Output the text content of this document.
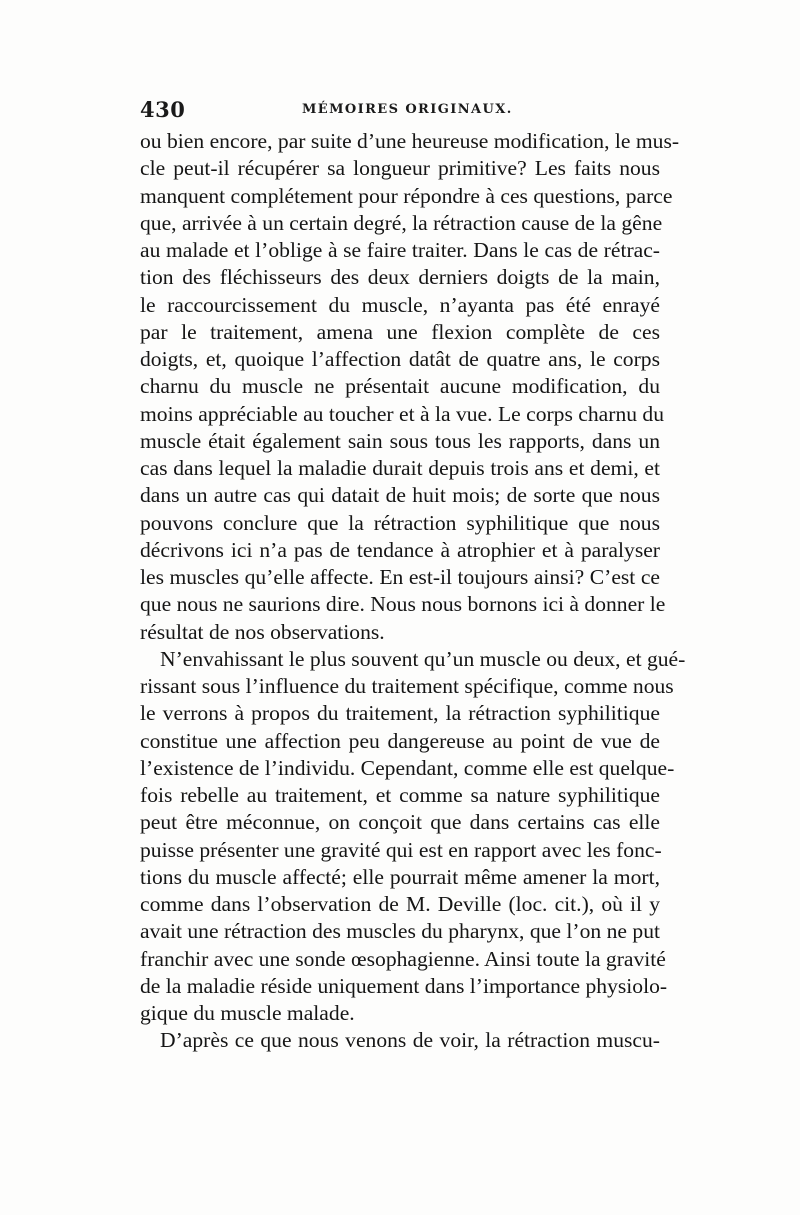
430	MÉMOIRES ORIGINAUX.
ou bien encore, par suite d’une heureuse modification, le mus-
cle peut-il récupérer sa longueur primitive? Les faits nous
manquent complétement pour répondre à ces questions, parce
que, arrivée à un certain degré, la rétraction cause de la gêne
au malade et l’oblige à se faire traiter. Dans le cas de rétrac-
tion des fléchisseurs des deux derniers doigts de la main,
le raccourcissement du muscle, n’ayanta pas été enrayé
par le traitement, amena une flexion complète de ces
doigts, et, quoique l’affection datât de quatre ans, le corps
charnu du muscle ne présentait aucune modification, du
moins appréciable au toucher et à la vue. Le corps charnu du
muscle était également sain sous tous les rapports, dans un
cas dans lequel la maladie durait depuis trois ans et demi, et
dans un autre cas qui datait de huit mois; de sorte que nous
pouvons conclure que la rétraction syphilitique que nous
décrivons ici n’a pas de tendance à atrophier et à paralyser
les muscles qu’elle affecte. En est-il toujours ainsi? C’est ce
que nous ne saurions dire. Nous nous bornons ici à donner le
résultat de nos observations.
N’envahissant le plus souvent qu’un muscle ou deux, et gué-
rissant sous l’influence du traitement spécifique, comme nous
le verrons à propos du traitement, la rétraction syphilitique
constitue une affection peu dangereuse au point de vue de
l’existence de l’individu. Cependant, comme elle est quelque-
fois rebelle au traitement, et comme sa nature syphilitique
peut être méconnue, on conçoit que dans certains cas elle
puisse présenter une gravité qui est en rapport avec les fonc-
tions du muscle affecté; elle pourrait même amener la mort,
comme dans l’observation de M. Deville (loc. cit.), où il y
avait une rétraction des muscles du pharynx, que l’on ne put
franchir avec une sonde œsophagienne. Ainsi toute la gravité
de la maladie réside uniquement dans l’importance physiolo-
gique du muscle malade.
D’après ce que nous venons de voir, la rétraction muscu-
